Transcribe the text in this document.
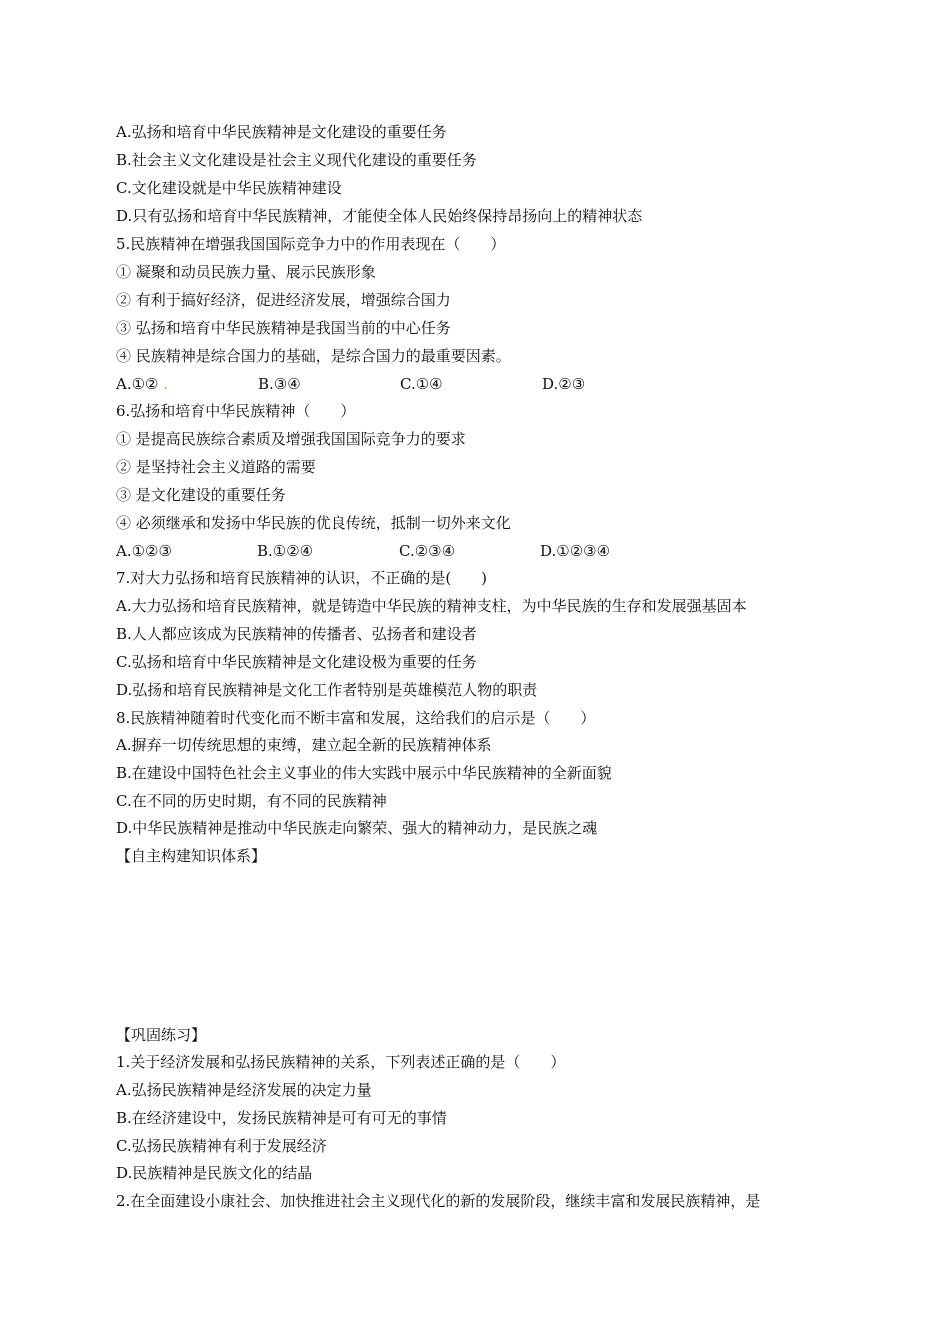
A.弘扬和培育中华民族精神是文化建设的重要任务
B.社会主义文化建设是社会主义现代化建设的重要任务
C.文化建设就是中华民族精神建设
D.只有弘扬和培育中华民族精神，才能使全体人民始终保持昂扬向上的精神状态
5.民族精神在增强我国国际竞争力中的作用表现在（　　）
① 凝聚和动员民族力量、展示民族形象
② 有利于搞好经济，促进经济发展，增强综合国力
③ 弘扬和培育中华民族精神是我国当前的中心任务
④ 民族精神是综合国力的基础，是综合国力的最重要因素。
A.①② .	B.③④	C.①④	D.②③
6.弘扬和培育中华民族精神（　　）
① 是提高民族综合素质及增强我国国际竞争力的要求
② 是坚持社会主义道路的需要
③ 是文化建设的重要任务
④ 必须继承和发扬中华民族的优良传统，抵制一切外来文化
A.①②③	B.①②④	C.②③④	D.①②③④
7.对大力弘扬和培育民族精神的认识，不正确的是(　　)
A.大力弘扬和培育民族精神，就是铸造中华民族的精神支柱，为中华民族的生存和发展强基固本
B.人人都应该成为民族精神的传播者、弘扬者和建设者
C.弘扬和培育中华民族精神是文化建设极为重要的任务
D.弘扬和培育民族精神是文化工作者特别是英雄模范人物的职责
8.民族精神随着时代变化而不断丰富和发展，这给我们的启示是（　　）
A.摒弃一切传统思想的束缚，建立起全新的民族精神体系
B.在建设中国特色社会主义事业的伟大实践中展示中华民族精神的全新面貌
C.在不同的历史时期，有不同的民族精神
D.中华民族精神是推动中华民族走向繁荣、强大的精神动力，是民族之魂
【自主构建知识体系】
【巩固练习】
1.关于经济发展和弘扬民族精神的关系，下列表述正确的是（　　）
A.弘扬民族精神是经济发展的决定力量
B.在经济建设中，发扬民族精神是可有可无的事情
C.弘扬民族精神有利于发展经济
D.民族精神是民族文化的结晶
2.在全面建设小康社会、加快推进社会主义现代化的新的发展阶段，继续丰富和发展民族精神，是
